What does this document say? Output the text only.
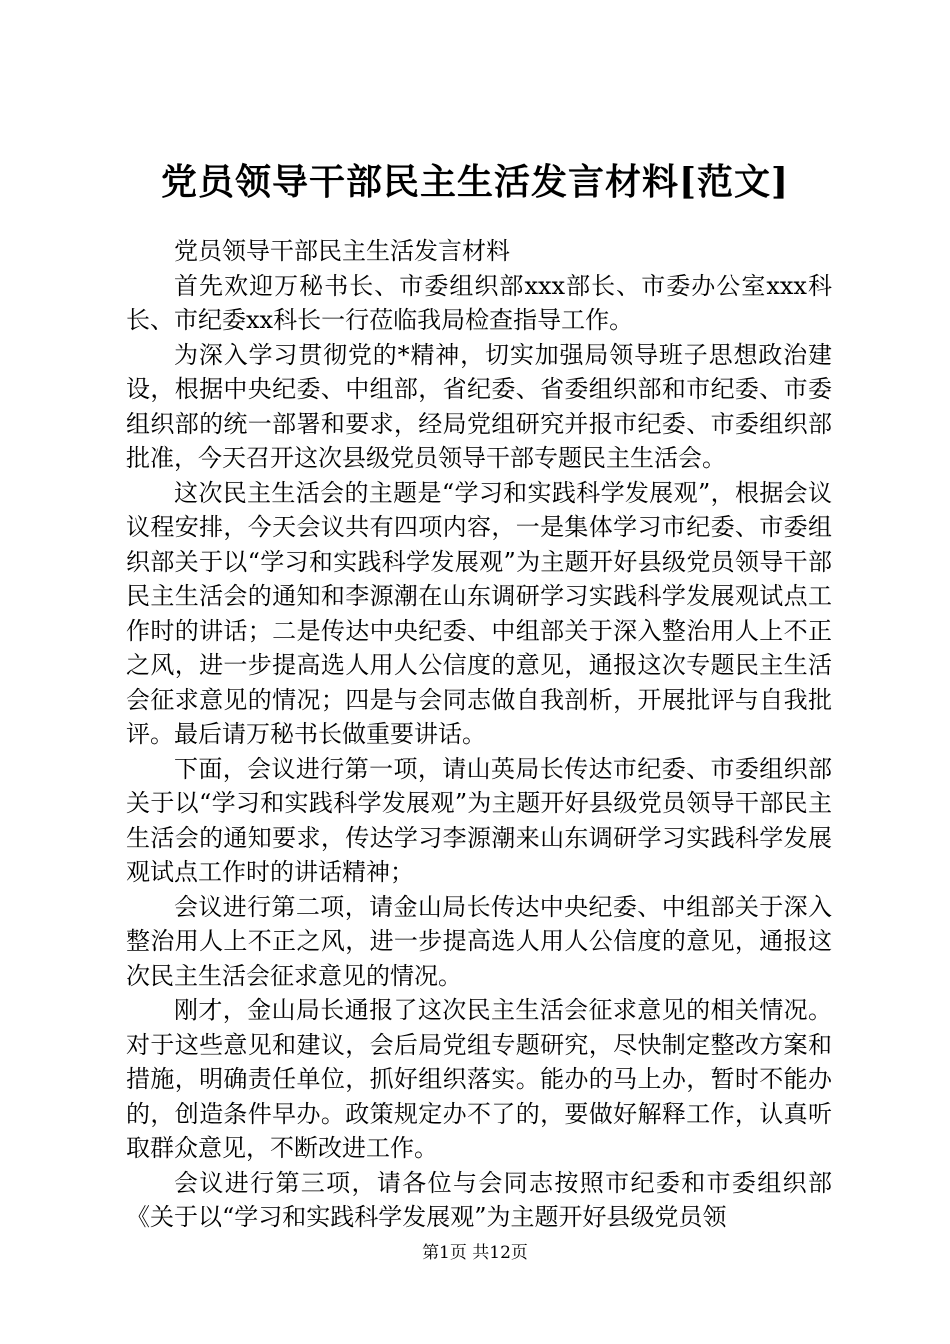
党员领导干部民主生活发言材料[范文]

党员领导干部民主生活发言材料

首先欢迎万秘书长、市委组织部xxx部长、市委办公室xxx科长、市纪委xx科长一行莅临我局检查指导工作。

为深入学习贯彻党的*精神，切实加强局领导班子思想政治建设，根据中央纪委、中组部，省纪委、省委组织部和市纪委、市委组织部的统一部署和要求，经局党组研究并报市纪委、市委组织部批准，今天召开这次县级党员领导干部专题民主生活会。

这次民主生活会的主题是“学习和实践科学发展观”，根据会议议程安排，今天会议共有四项内容，一是集体学习市纪委、市委组织部关于以“学习和实践科学发展观”为主题开好县级党员领导干部民主生活会的通知和李源潮在山东调研学习实践科学发展观试点工作时的讲话；二是传达中央纪委、中组部关于深入整治用人上不正之风，进一步提高选人用人公信度的意见，通报这次专题民主生活会征求意见的情况；四是与会同志做自我剖析，开展批评与自我批评。最后请万秘书长做重要讲话。

下面，会议进行第一项，请山英局长传达市纪委、市委组织部关于以“学习和实践科学发展观”为主题开好县级党员领导干部民主生活会的通知要求，传达学习李源潮来山东调研学习实践科学发展观试点工作时的讲话精神；

会议进行第二项，请金山局长传达中央纪委、中组部关于深入整治用人上不正之风，进一步提高选人用人公信度的意见，通报这次民主生活会征求意见的情况。

刚才，金山局长通报了这次民主生活会征求意见的相关情况。对于这些意见和建议，会后局党组专题研究，尽快制定整改方案和措施，明确责任单位，抓好组织落实。能办的马上办，暂时不能办的，创造条件早办。政策规定办不了的，要做好解释工作，认真听取群众意见，不断改进工作。

会议进行第三项，请各位与会同志按照市纪委和市委组织部《关于以“学习和实践科学发展观”为主题开好县级党员领

第1页 共12页
